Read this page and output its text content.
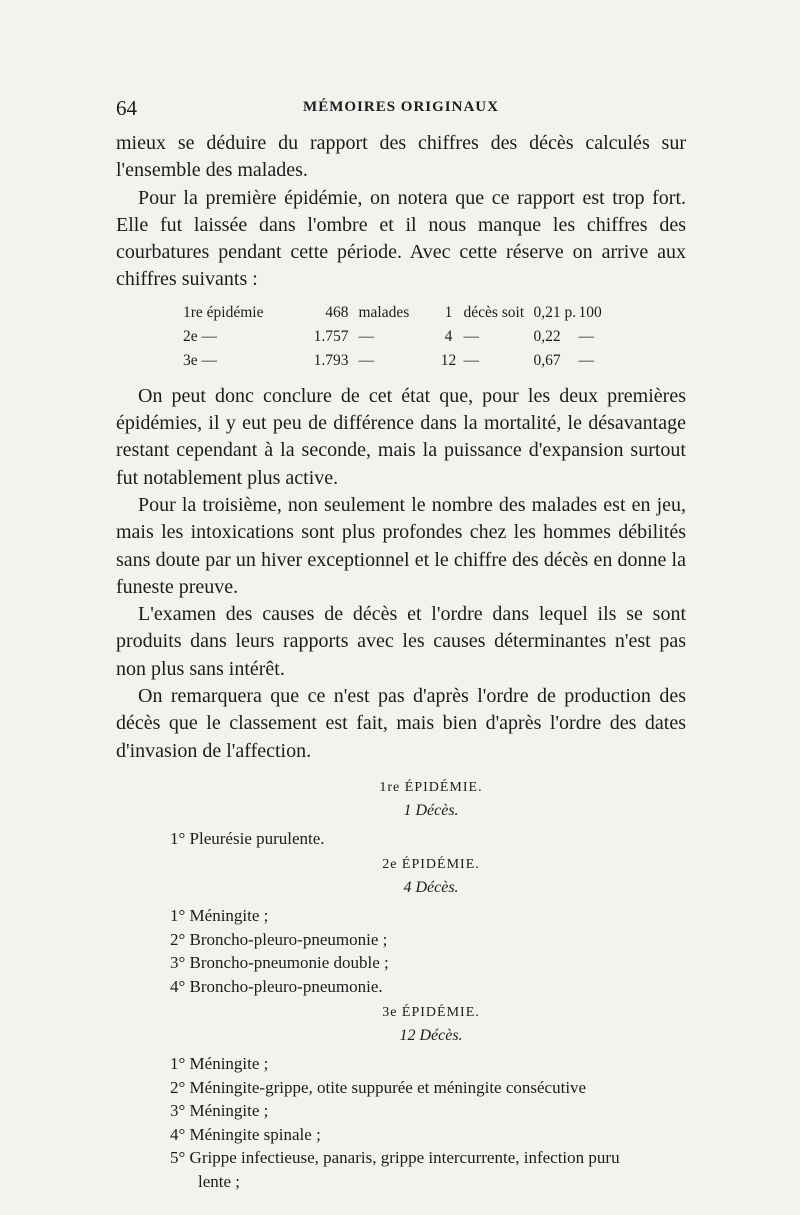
64	MÉMOIRES ORIGINAUX

mieux se déduire du rapport des chiffres des décès calculés sur l'ensemble des malades.

Pour la première épidémie, on notera que ce rapport est trop fort. Elle fut laissée dans l'ombre et il nous manque les chiffres des courbatures pendant cette période. Avec cette réserve on arrive aux chiffres suivants :

1re épidémie	468	malades	1	décès soit	0,21 p.	100
2e —	1.757	—	4	—	0,22	—
3e —	1.793	—	12	—	0,67	—

On peut donc conclure de cet état que, pour les deux premières épidémies, il y eut peu de différence dans la mortalité, le désavantage restant cependant à la seconde, mais la puissance d'expansion surtout fut notablement plus active.

Pour la troisième, non seulement le nombre des malades est en jeu, mais les intoxications sont plus profondes chez les hommes débilités sans doute par un hiver exceptionnel et le chiffre des décès en donne la funeste preuve.

L'examen des causes de décès et l'ordre dans lequel ils se sont produits dans leurs rapports avec les causes déterminantes n'est pas non plus sans intérêt.

On remarquera que ce n'est pas d'après l'ordre de production des décès que le classement est fait, mais bien d'après l'ordre des dates d'invasion de l'affection.

1re ÉPIDÉMIE.
1 Décès.
1° Pleurésie purulente.
2e ÉPIDÉMIE.
4 Décès.
1° Méningite ;
2° Broncho-pleuro-pneumonie ;
3° Broncho-pneumonie double ;
4° Broncho-pleuro-pneumonie.
3e ÉPIDÉMIE.
12 Décès.
1° Méningite ;
2° Méningite-grippe, otite suppurée et méningite consécutive
3° Méningite ;
4° Méningite spinale ;
5° Grippe infectieuse, panaris, grippe intercurrente, infection puru
lente ;
